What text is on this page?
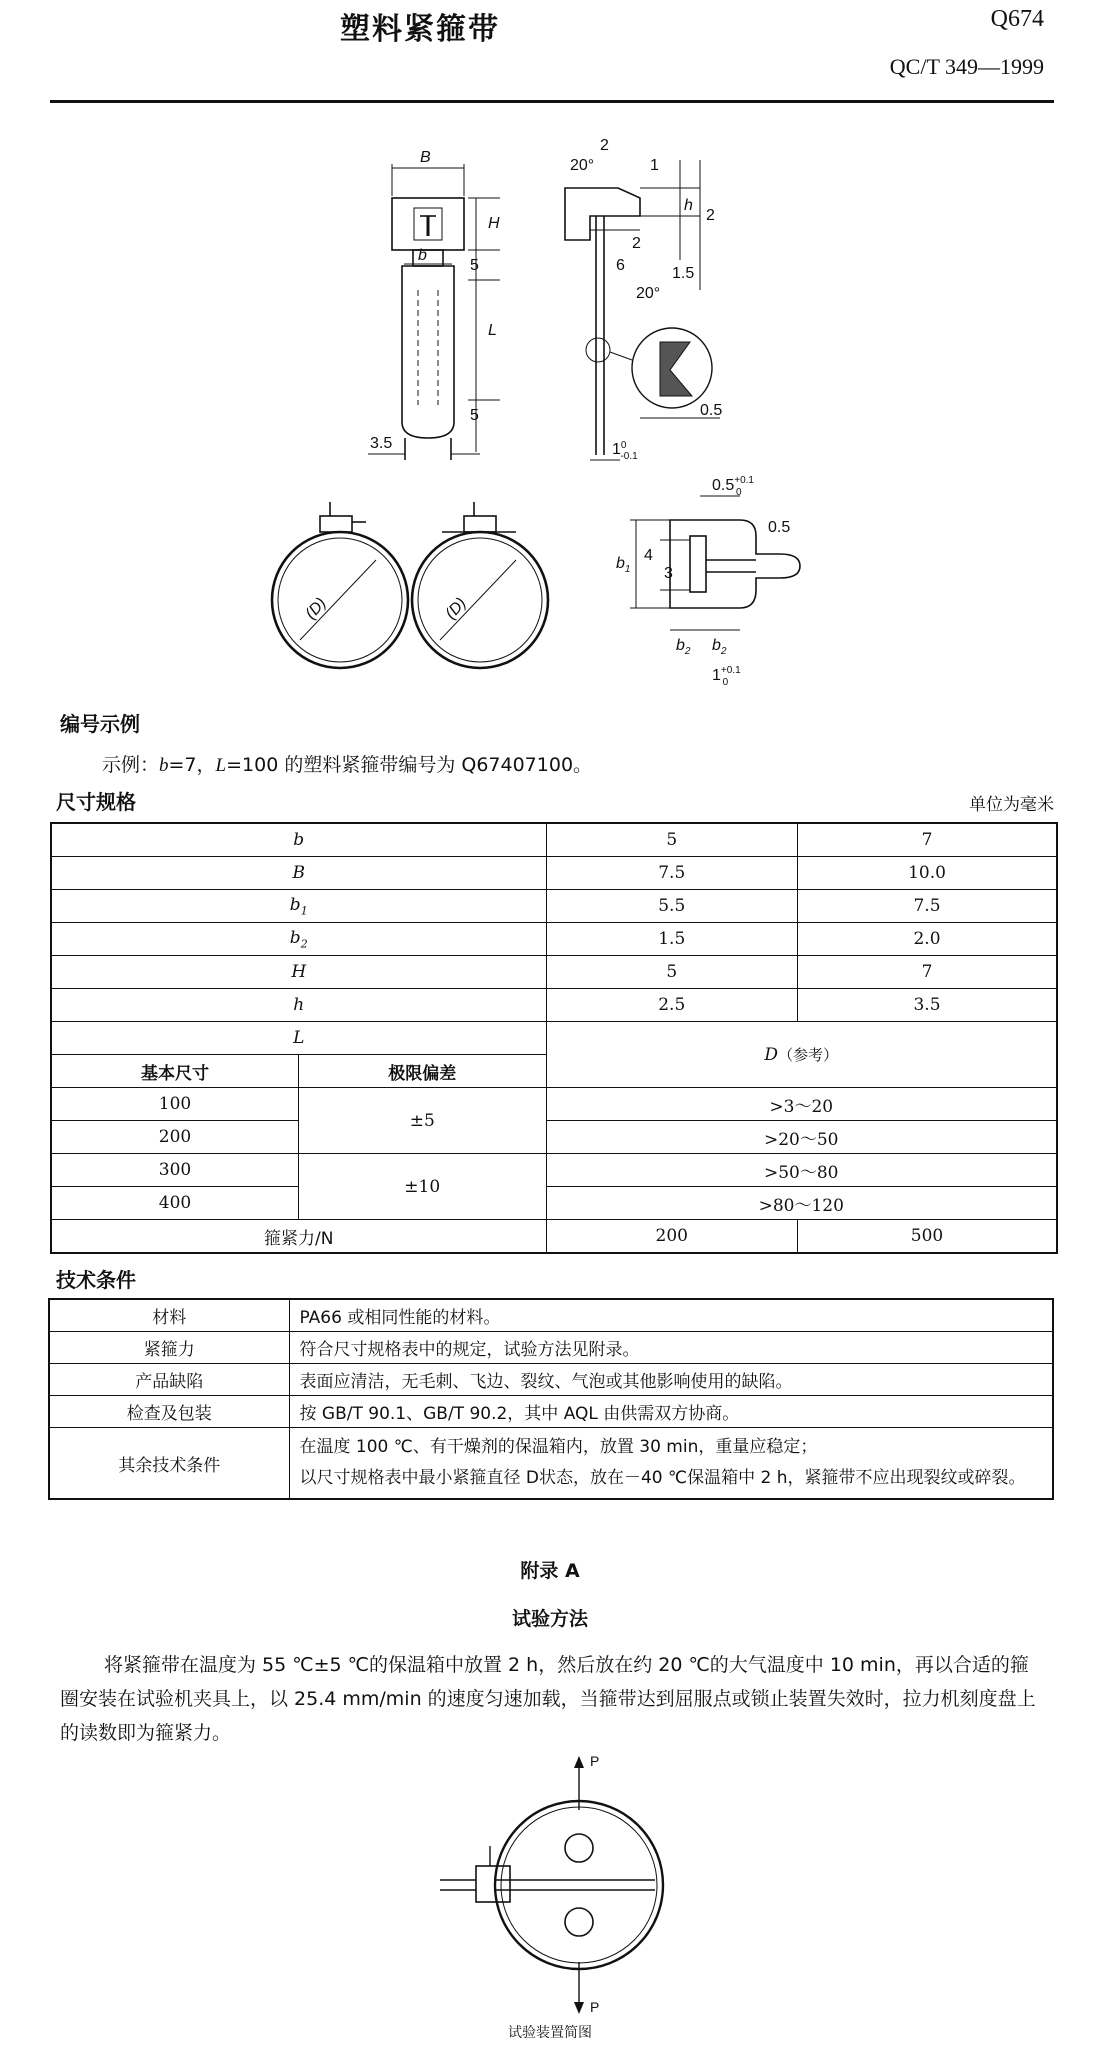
塑料紧箍带	Q674
QC/T 349—1999
B
b
H
L
5
5
3.5
2
20°	1
h
2
2
6	1.5
20°
0.5
$1^0$ -0.1
(D)	(D)
$0.5^{+0.1}$ 0
0.5
$b_1$
4
3
$b_2$ $b_2$
$1^{+0.1}$ 0
编号示例
示例：b=7，L=100 的塑料紧箍带编号为 Q67407100。
尺寸规格	单位为毫米
b		5	7
B		7.5	10.0
$b_1$		5.5	7.5
$b_2$		1.5	2.0
H		5	7
h		2.5	3.5
L		D（参考）	
基本尺寸	极限偏差		
100	±5	>3～20	
200		>20～50	
300	±10	>50～80	
400		>80～120	
箍紧力/N		200	500
技术条件
材料	PA66 或相同性能的材料。
紧箍力	符合尺寸规格表中的规定，试验方法见附录。
产品缺陷	表面应清洁，无毛刺、飞边、裂纹、气泡或其他影响使用的缺陷。
检查及包装	按 GB/T 90.1、GB/T 90.2，其中 AQL 由供需双方协商。
其余技术条件	在温度 100 ℃、有干燥剂的保温箱内，放置 30 min，重量应稳定；
以尺寸规格表中最小紧箍直径 D状态，放在－40 ℃保温箱中 2 h，紧箍带不应出现裂纹或碎裂。
附录 A
试验方法
将紧箍带在温度为 55 ℃±5 ℃的保温箱中放置 2 h，然后放在约 20 ℃的大气温度中 10 min，再以合适的箍圈安装在试验机夹具上，以 25.4 mm/min 的速度匀速加载，当箍带达到屈服点或锁止装置失效时，拉力机刻度盘上的读数即为箍紧力。
P
P
试验装置简图
